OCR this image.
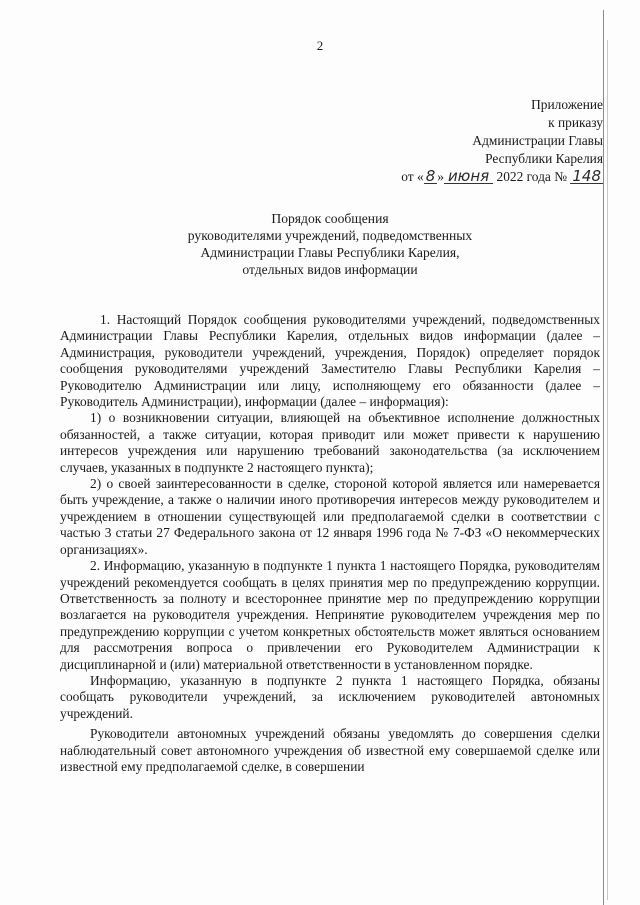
2
Приложение
к приказу
Администрации Главы
Республики Карелия
от « 8 » июня 2022 года № 148
Порядок сообщения
руководителями учреждений, подведомственных
Администрации Главы Республики Карелия,
отдельных видов информации

1. Настоящий Порядок сообщения руководителями учреждений, подведомственных Администрации Главы Республики Карелия, отдельных видов информации (далее – Администрация, руководители учреждений, учреждения, Порядок) определяет порядок сообщения руководителями учреждений Заместителю Главы Республики Карелия – Руководителю Администрации или лицу, исполняющему его обязанности (далее – Руководитель Администрации), информации (далее – информация):

1) о возникновении ситуации, влияющей на объективное исполнение должностных обязанностей, а также ситуации, которая приводит или может привести к нарушению интересов учреждения или нарушению требований законодательства (за исключением случаев, указанных в подпункте 2 настоящего пункта);

2) о своей заинтересованности в сделке, стороной которой является или намеревается быть учреждение, а также о наличии иного противоречия интересов между руководителем и учреждением в отношении существующей или предполагаемой сделки в соответствии с частью 3 статьи 27 Федерального закона от 12 января 1996 года № 7-ФЗ «О некоммерческих организациях».

2. Информацию, указанную в подпункте 1 пункта 1 настоящего Порядка, руководителям учреждений рекомендуется сообщать в целях принятия мер по предупреждению коррупции. Ответственность за полноту и всестороннее принятие мер по предупреждению коррупции возлагается на руководителя учреждения. Непринятие руководителем учреждения мер по предупреждению коррупции с учетом конкретных обстоятельств может являться основанием для рассмотрения вопроса о привлечении его Руководителем Администрации к дисциплинарной и (или) материальной ответственности в установленном порядке.

Информацию, указанную в подпункте 2 пункта 1 настоящего Порядка, обязаны сообщать руководители учреждений, за исключением руководителей автономных учреждений.

Руководители автономных учреждений обязаны уведомлять до совершения сделки наблюдательный совет автономного учреждения об известной ему совершаемой сделке или известной ему предполагаемой сделке, в совершении
